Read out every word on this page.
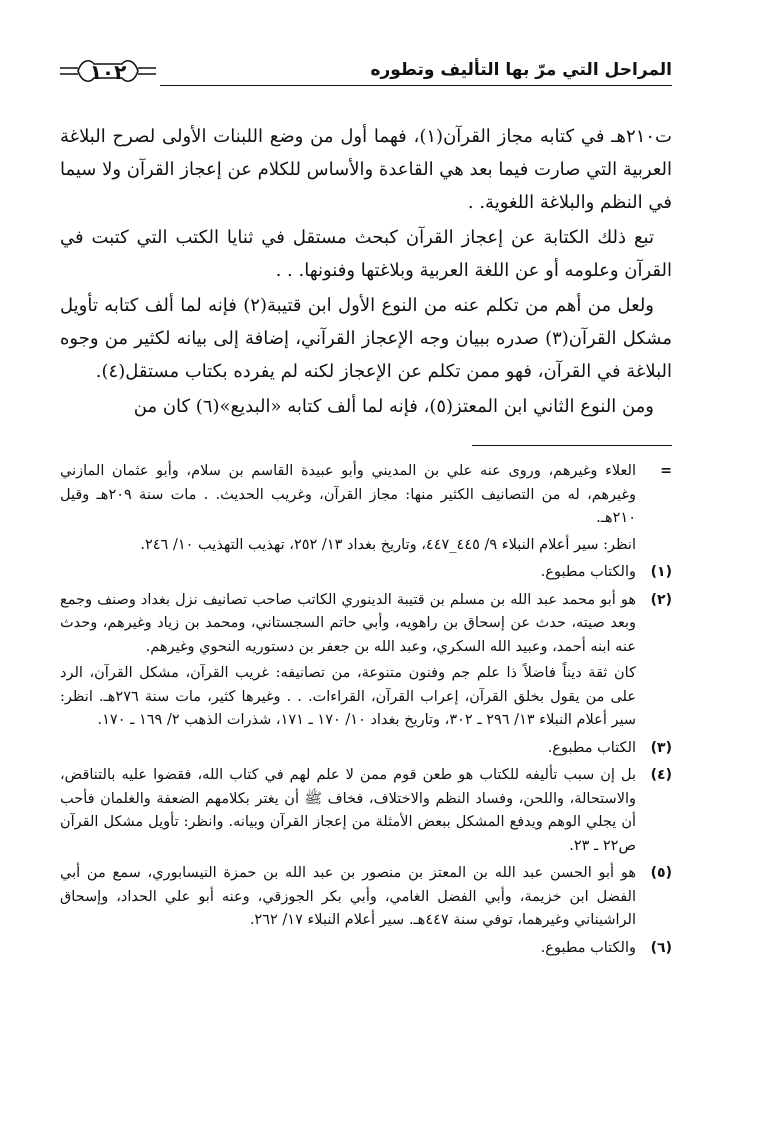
المراحل التي مرّ بها التأليف وتطوره
١٠٢

ت٢١٠هـ في كتابه مجاز القرآن(١)، فهما أول من وضع اللبنات الأولى لصرح البلاغة العربية التي صارت فيما بعد هي القاعدة والأساس للكلام عن إعجاز القرآن ولا سيما في النظم والبلاغة اللغوية. .

تبع ذلك الكتابة عن إعجاز القرآن كبحث مستقل في ثنايا الكتب التي كتبت في القرآن وعلومه أو عن اللغة العربية وبلاغتها وفنونها. . .

ولعل من أهم من تكلم عنه من النوع الأول ابن قتيبة(٢) فإنه لما ألف كتابه تأويل مشكل القرآن(٣) صدره ببيان وجه الإعجاز القرآني، إضافة إلى بيانه لكثير من وجوه البلاغة في القرآن، فهو ممن تكلم عن الإعجاز لكنه لم يفرده بكتاب مستقل(٤).

ومن النوع الثاني ابن المعتز(٥)، فإنه لما ألف كتابه «البديع»(٦) كان من

=

العلاء وغيرهم، وروى عنه علي بن المديني وأبو عبيدة القاسم بن سلام، وأبو عثمان المازني وغيرهم، له من التصانيف الكثير منها: مجاز القرآن، وغريب الحديث. . مات سنة ٢٠٩هـ وقيل ٢١٠هـ.

انظر: سير أعلام النبلاء ٩/ ٤٤٥_٤٤٧، وتاريخ بغداد ١٣/ ٢٥٢، تهذيب التهذيب ١٠/ ٢٤٦.

(١)

والكتاب مطبوع.

(٢)

هو أبو محمد عبد الله بن مسلم بن قتيبة الدينوري الكاتب صاحب تصانيف نزل بغداد وصنف وجمع وبعد صيته، حدث عن إسحاق بن راهويه، وأبي حاتم السجستاني، ومحمد بن زياد وغيرهم، وحدث عنه ابنه أحمد، وعبيد الله السكري، وعبد الله بن جعفر بن دستوريه النحوي وغيرهم.

كان ثقة ديناً فاضلاً ذا علم جم وفنون متنوعة، من تصانيفه: غريب القرآن، مشكل القرآن، الرد على من يقول بخلق القرآن، إعراب القرآن، القراءات. . . وغيرها كثير، مات سنة ٢٧٦هـ. انظر: سير أعلام النبلاء ١٣/ ٢٩٦ ـ ٣٠٢، وتاريخ بغداد ١٠/ ١٧٠ ـ ١٧١، شذرات الذهب ٢/ ١٦٩ ـ ١٧٠.

(٣)

الكتاب مطبوع.

(٤)

بل إن سبب تأليفه للكتاب هو طعن قوم ممن لا علم لهم في كتاب الله، فقضوا عليه بالتناقض، والاستحالة، واللحن، وفساد النظم والاختلاف، فخاف ﷺ أن يغتر بكلامهم الضعفة والغلمان فأحب أن يجلي الوهم ويدفع المشكل ببعض الأمثلة من إعجاز القرآن وبيانه. وانظر: تأويل مشكل القرآن ص٢٢ ـ ٢٣.

(٥)

هو أبو الحسن عبد الله بن المعتز بن منصور بن عبد الله بن حمزة النيسابوري، سمع من أبي الفضل ابن خزيمة، وأبي الفضل الغامي، وأبي بكر الجوزقي، وعنه أبو علي الحداد، وإسحاق الراشيناني وغيرهما، توفي سنة ٤٤٧هـ. سير أعلام النبلاء ١٧/ ٢٦٢.

(٦)

والكتاب مطبوع.
